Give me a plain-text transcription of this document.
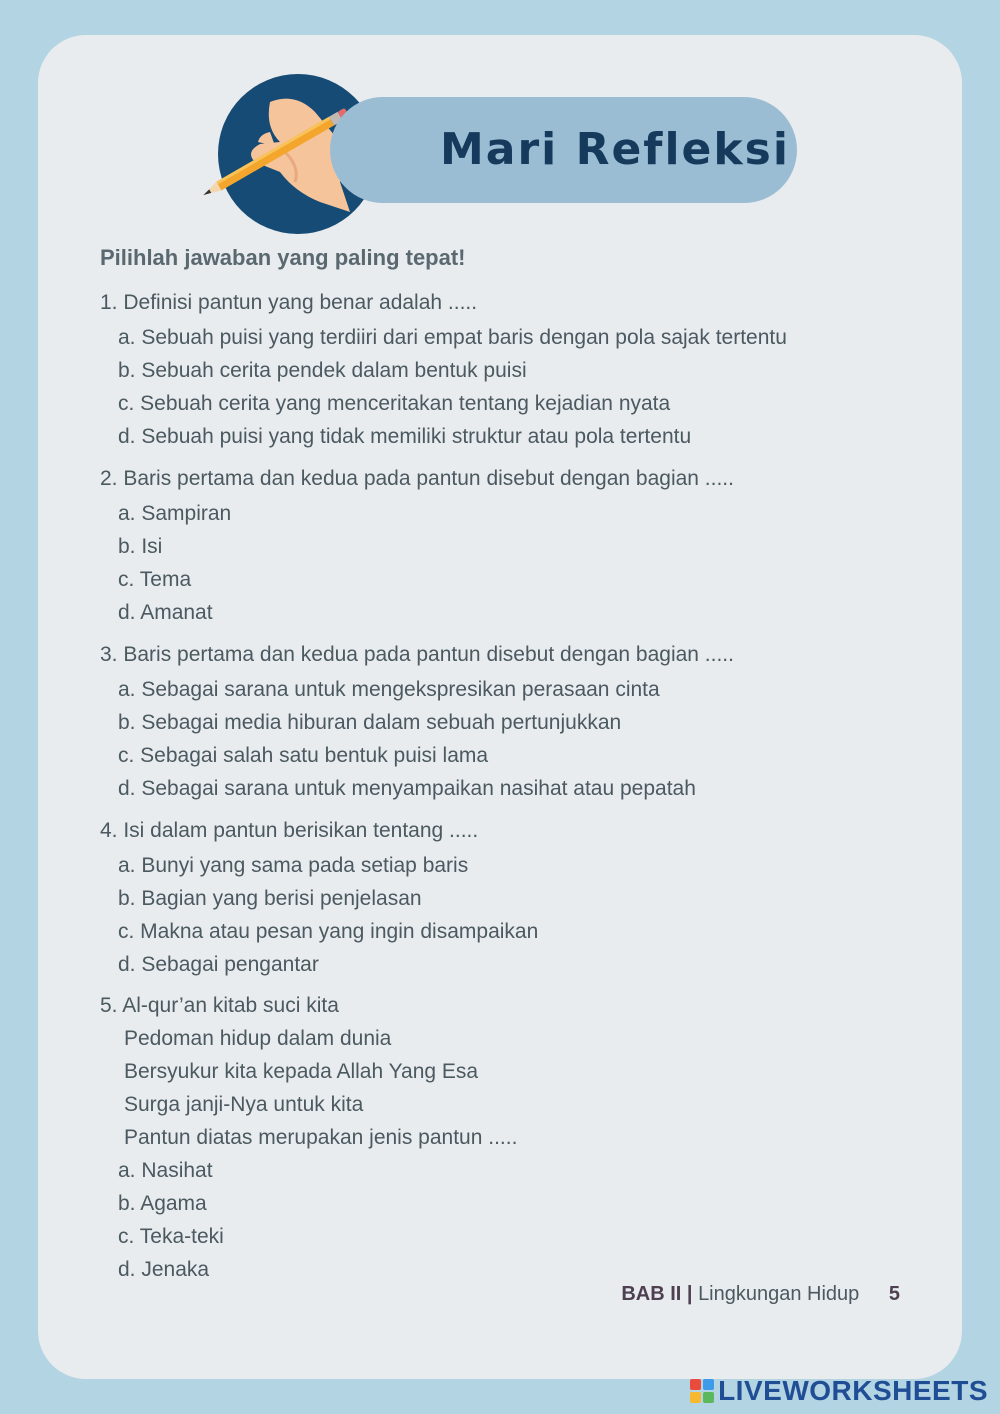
Mari Refleksi
Pilihlah jawaban yang paling tepat!
1. Definisi pantun yang benar adalah .....
a. Sebuah puisi yang terdiiri dari empat baris dengan pola sajak tertentu
b. Sebuah cerita pendek dalam bentuk puisi
c. Sebuah cerita yang menceritakan tentang kejadian nyata
d. Sebuah puisi yang tidak memiliki struktur atau pola tertentu
2. Baris pertama dan kedua pada pantun disebut dengan bagian .....
a. Sampiran
b. Isi
c. Tema
d. Amanat
3. Baris pertama dan kedua pada pantun disebut dengan bagian .....
a. Sebagai sarana untuk mengekspresikan perasaan cinta
b. Sebagai media hiburan dalam sebuah pertunjukkan
c. Sebagai salah satu bentuk puisi lama
d. Sebagai sarana untuk menyampaikan nasihat atau pepatah
4. Isi dalam pantun berisikan tentang .....
a. Bunyi yang sama pada setiap baris
b. Bagian yang berisi penjelasan
c. Makna atau pesan yang ingin disampaikan
d. Sebagai pengantar
5. Al-qur’an kitab suci kita
Pedoman hidup dalam dunia
Bersyukur kita kepada Allah Yang Esa
Surga janji-Nya untuk kita
Pantun diatas merupakan jenis pantun .....
a. Nasihat
b. Agama
c. Teka-teki
d. Jenaka
BAB II | Lingkungan Hidup 5
LIVEWORKSHEETS
